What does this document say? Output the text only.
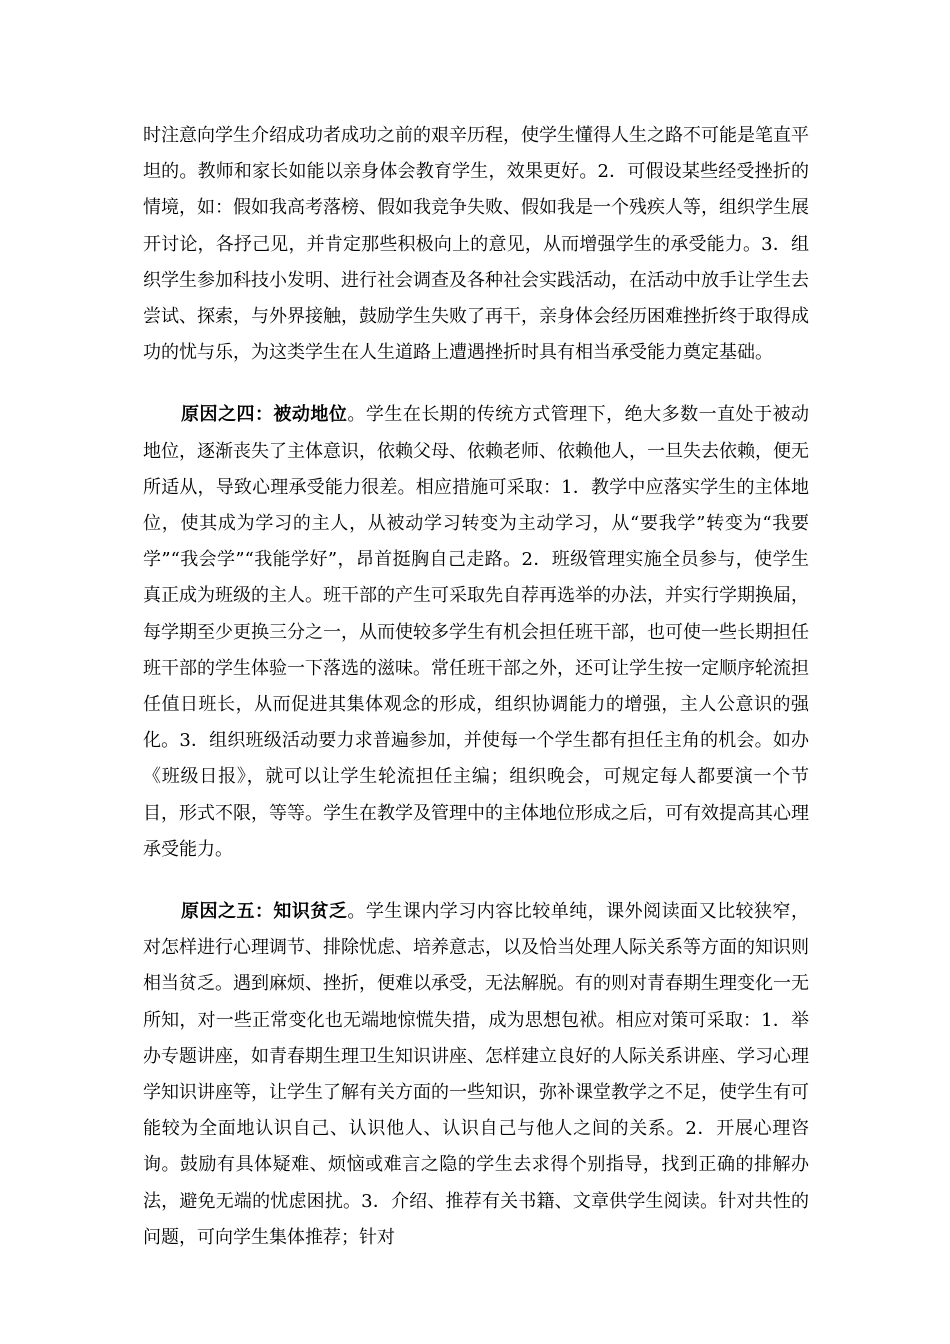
时注意向学生介绍成功者成功之前的艰辛历程，使学生懂得人生之路不可能是笔直平坦的。教师和家长如能以亲身体会教育学生，效果更好。2．可假设某些经受挫折的情境，如：假如我高考落榜、假如我竞争失败、假如我是一个残疾人等，组织学生展开讨论，各抒己见，并肯定那些积极向上的意见，从而增强学生的承受能力。3．组织学生参加科技小发明、进行社会调查及各种社会实践活动，在活动中放手让学生去尝试、探索，与外界接触，鼓励学生失败了再干，亲身体会经历困难挫折终于取得成功的忧与乐，为这类学生在人生道路上遭遇挫折时具有相当承受能力奠定基础。

原因之四：被动地位。学生在长期的传统方式管理下，绝大多数一直处于被动地位，逐渐丧失了主体意识，依赖父母、依赖老师、依赖他人，一旦失去依赖，便无所适从，导致心理承受能力很差。相应措施可采取：1．教学中应落实学生的主体地位，使其成为学习的主人，从被动学习转变为主动学习，从“要我学”转变为“我要学”“我会学”“我能学好”，昂首挺胸自己走路。2．班级管理实施全员参与，使学生真正成为班级的主人。班干部的产生可采取先自荐再选举的办法，并实行学期换届，每学期至少更换三分之一，从而使较多学生有机会担任班干部，也可使一些长期担任班干部的学生体验一下落选的滋味。常任班干部之外，还可让学生按一定顺序轮流担任值日班长，从而促进其集体观念的形成，组织协调能力的增强，主人公意识的强化。3．组织班级活动要力求普遍参加，并使每一个学生都有担任主角的机会。如办《班级日报》，就可以让学生轮流担任主编；组织晚会，可规定每人都要演一个节目，形式不限，等等。学生在教学及管理中的主体地位形成之后，可有效提高其心理承受能力。

原因之五：知识贫乏。学生课内学习内容比较单纯，课外阅读面又比较狭窄，对怎样进行心理调节、排除忧虑、培养意志，以及恰当处理人际关系等方面的知识则相当贫乏。遇到麻烦、挫折，便难以承受，无法解脱。有的则对青春期生理变化一无所知，对一些正常变化也无端地惊慌失措，成为思想包袱。相应对策可采取：1．举办专题讲座，如青春期生理卫生知识讲座、怎样建立良好的人际关系讲座、学习心理学知识讲座等，让学生了解有关方面的一些知识，弥补课堂教学之不足，使学生有可能较为全面地认识自己、认识他人、认识自己与他人之间的关系。2．开展心理咨询。鼓励有具体疑难、烦恼或难言之隐的学生去求得个别指导，找到正确的排解办法，避免无端的忧虑困扰。3．介绍、推荐有关书籍、文章供学生阅读。针对共性的问题，可向学生集体推荐；针对
